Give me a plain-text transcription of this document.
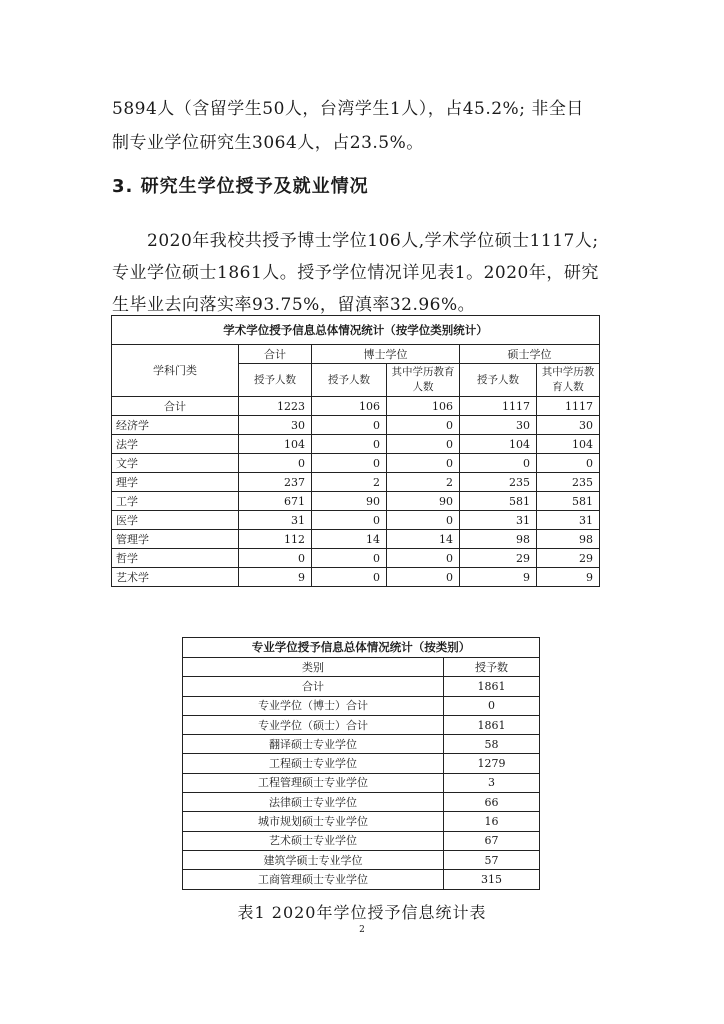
5894人（含留学生50人，台湾学生1人），占45.2%; 非全日

制专业学位研究生3064人，占23.5%。

3. 研究生学位授予及就业情况

　　2020年我校共授予博士学位106人,学术学位硕士1117人;

专业学位硕士1861人。授予学位情况详见表1。2020年，研究

生毕业去向落实率93.75%，留滇率32.96%。

学术学位授予信息总体情况统计（按学位类别统计）					
学科门类	合计	博士学位		硕士学位	
	授予人数	授予人数	其中学历教育人数	授予人数	其中学历教育人数
合计	1223	106	106	1117	1117
经济学	30	0	0	30	30
法学	104	0	0	104	104
文学	0	0	0	0	0
理学	237	2	2	235	235
工学	671	90	90	581	581
医学	31	0	0	31	31
管理学	112	14	14	98	98
哲学	0	0	0	29	29
艺术学	9	0	0	9	9
专业学位授予信息总体情况统计（按类别）	
类别	授予数
合计	1861
专业学位（博士）合计	0
专业学位（硕士）合计	1861
翻译硕士专业学位	58
工程硕士专业学位	1279
工程管理硕士专业学位	3
法律硕士专业学位	66
城市规划硕士专业学位	16
艺术硕士专业学位	67
建筑学硕士专业学位	57
工商管理硕士专业学位	315

表1 2020年学位授予信息统计表

2
